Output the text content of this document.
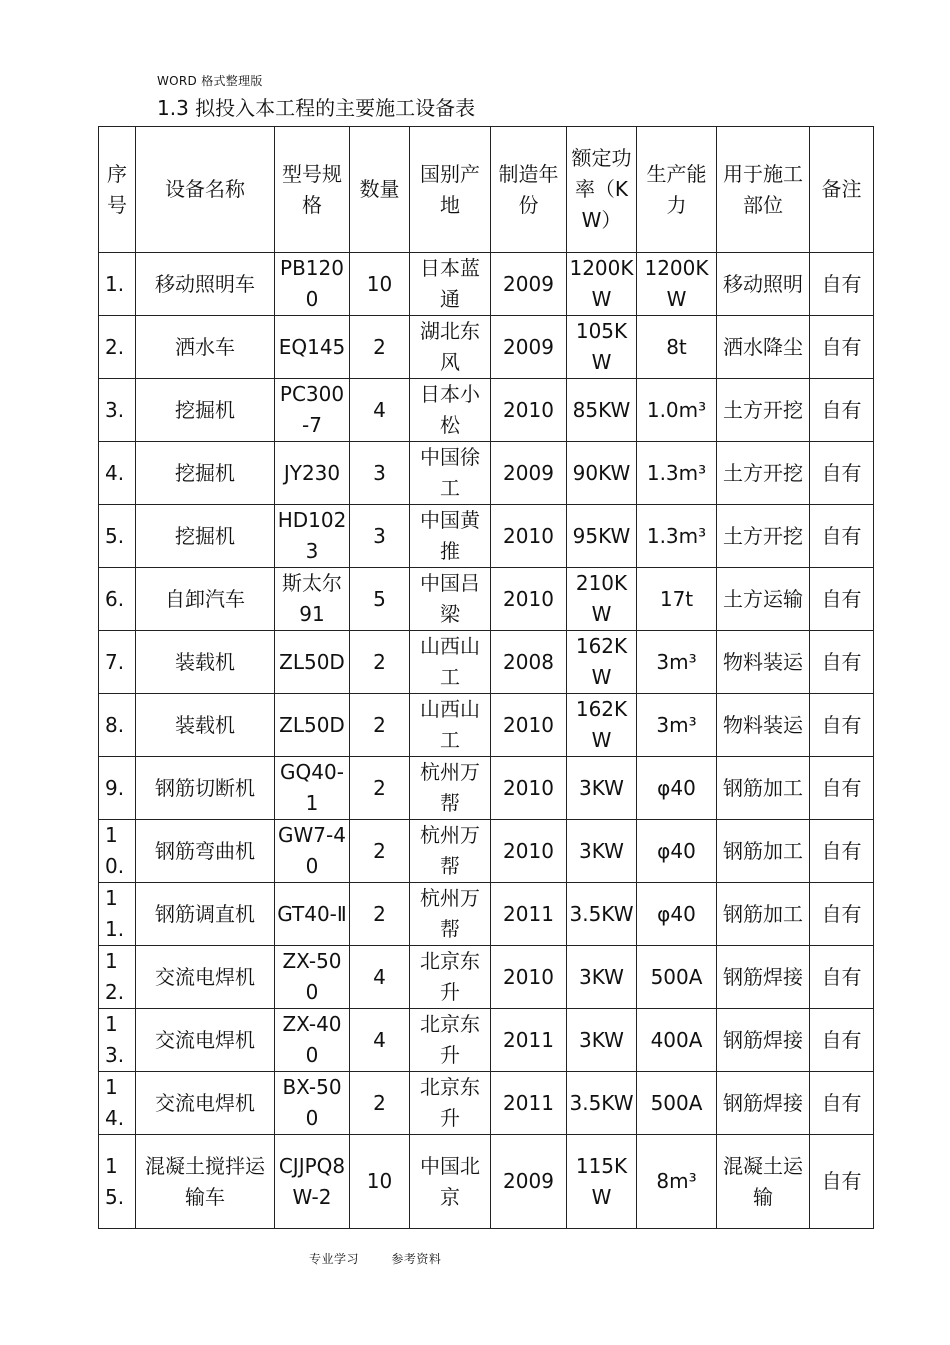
WORD 格式整理版
1.3 拟投入本工程的主要施工设备表
序号	设备名称	型号规格	数量	国别产地	制造年份	额定功率（KW）	生产能力	用于施工部位	备注
1.	移动照明车	PB1200	10	日本蓝通	2009	1200KW	1200KW	移动照明	自有
2.	洒水车	EQ145	2	湖北东风	2009	105KW	8t	洒水降尘	自有
3.	挖掘机	PC300-7	4	日本小松	2010	85KW	1.0m³	土方开挖	自有
4.	挖掘机	JY230	3	中国徐工	2009	90KW	1.3m³	土方开挖	自有
5.	挖掘机	HD1023	3	中国黄推	2010	95KW	1.3m³	土方开挖	自有
6.	自卸汽车	斯太尔91	5	中国吕梁	2010	210KW	17t	土方运输	自有
7.	装载机	ZL50D	2	山西山工	2008	162KW	3m³	物料装运	自有
8.	装载机	ZL50D	2	山西山工	2010	162KW	3m³	物料装运	自有
9.	钢筋切断机	GQ40-1	2	杭州万帮	2010	3KW	φ40	钢筋加工	自有
10.	钢筋弯曲机	GW7-40	2	杭州万帮	2010	3KW	φ40	钢筋加工	自有
11.	钢筋调直机	GT40-Ⅱ	2	杭州万帮	2011	3.5KW	φ40	钢筋加工	自有
12.	交流电焊机	ZX-500	4	北京东升	2010	3KW	500A	钢筋焊接	自有
13.	交流电焊机	ZX-400	4	北京东升	2011	3KW	400A	钢筋焊接	自有
14.	交流电焊机	BX-500	2	北京东升	2011	3.5KW	500A	钢筋焊接	自有
15.	混凝土搅拌运输车	CJJPQ8W-2	10	中国北京	2009	115KW	8m³	混凝土运输	自有
专业学习	参考资料
